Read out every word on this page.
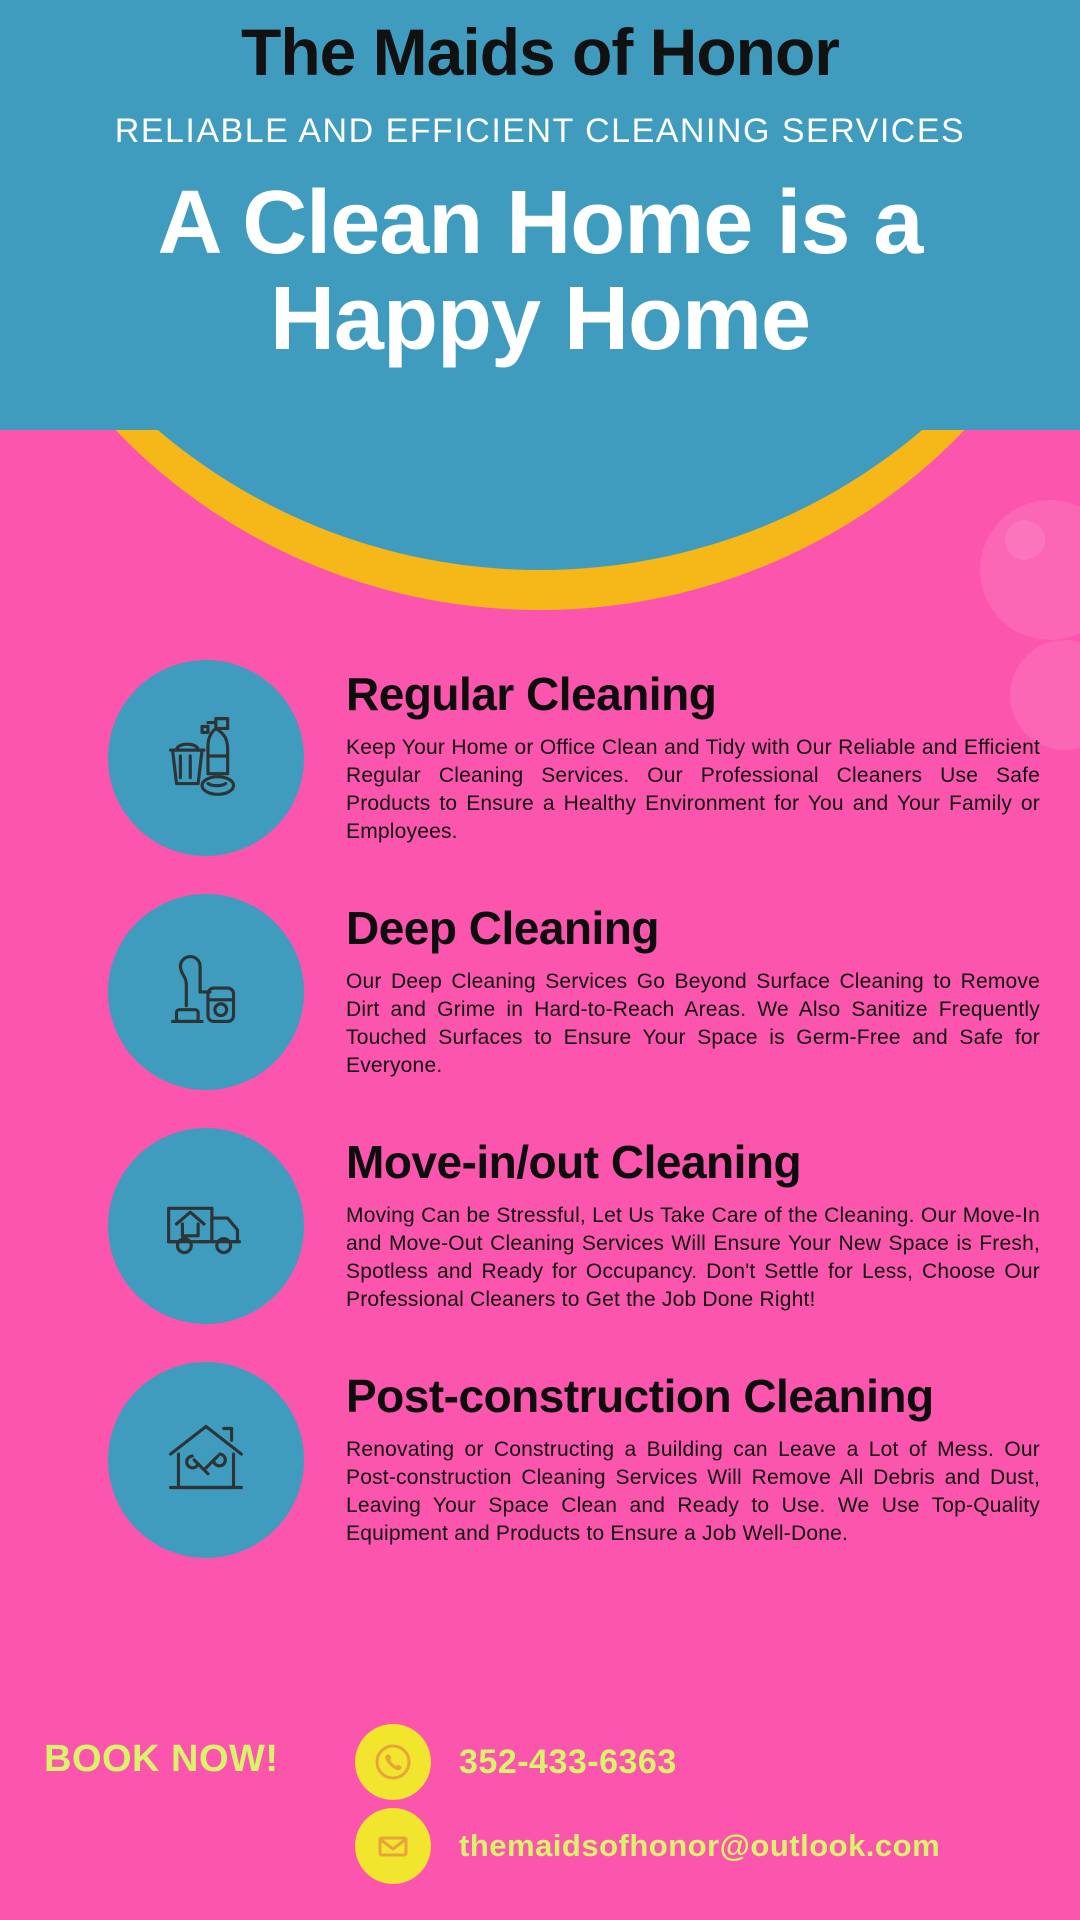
The Maids of Honor
RELIABLE AND EFFICIENT CLEANING SERVICES
A Clean Home is a Happy Home
Regular Cleaning

Keep Your Home or Office Clean and Tidy with Our Reliable and Efficient Regular Cleaning Services. Our Professional Cleaners Use Safe Products to Ensure a Healthy Environment for You and Your Family or Employees.

Deep Cleaning

Our Deep Cleaning Services Go Beyond Surface Cleaning to Remove Dirt and Grime in Hard-to-Reach Areas. We Also Sanitize Frequently Touched Surfaces to Ensure Your Space is Germ-Free and Safe for Everyone.

Move-in/out Cleaning

Moving Can be Stressful, Let Us Take Care of the Cleaning. Our Move-In and Move-Out Cleaning Services Will Ensure Your New Space is Fresh, Spotless and Ready for Occupancy. Don't Settle for Less, Choose Our Professional Cleaners to Get the Job Done Right!

Post-construction Cleaning

Renovating or Constructing a Building can Leave a Lot of Mess. Our Post-construction Cleaning Services Will Remove All Debris and Dust, Leaving Your Space Clean and Ready to Use. We Use Top-Quality Equipment and Products to Ensure a Job Well-Done.

BOOK NOW!	352-433-6363
themaidsofhonor@outlook.com
